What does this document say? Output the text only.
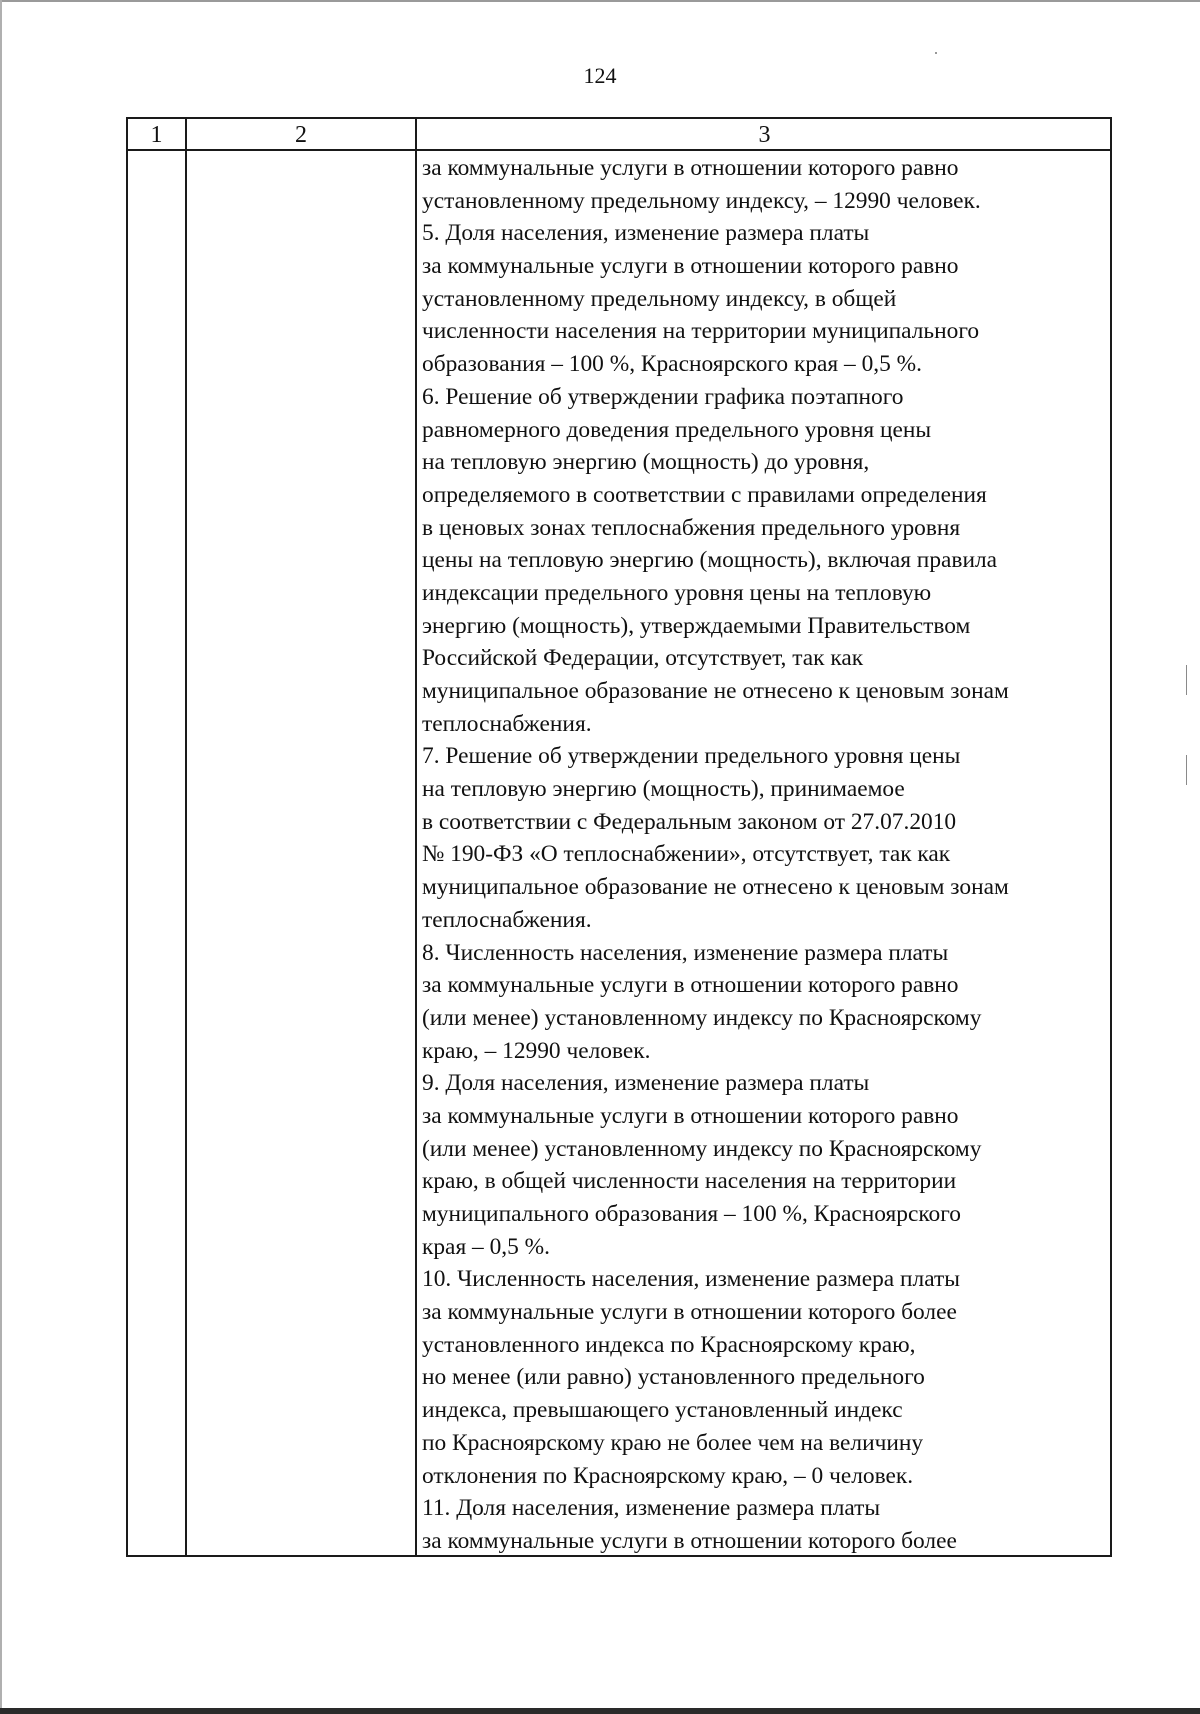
124
1	2	3
за коммунальные услуги в отношении которого равно
установленному предельному индексу, – 12990 человек.
5. Доля населения, изменение размера платы
за коммунальные услуги в отношении которого равно
установленному предельному индексу, в общей
численности населения на территории муниципального
образования – 100 %, Красноярского края – 0,5 %.
6. Решение об утверждении графика поэтапного
равномерного доведения предельного уровня цены
на тепловую энергию (мощность) до уровня,
определяемого в соответствии с правилами определения
в ценовых зонах теплоснабжения предельного уровня
цены на тепловую энергию (мощность), включая правила
индексации предельного уровня цены на тепловую
энергию (мощность), утверждаемыми Правительством
Российской Федерации, отсутствует, так как
муниципальное образование не отнесено к ценовым зонам
теплоснабжения.
7. Решение об утверждении предельного уровня цены
на тепловую энергию (мощность), принимаемое
в соответствии с Федеральным законом от 27.07.2010
№ 190-ФЗ «О теплоснабжении», отсутствует, так как
муниципальное образование не отнесено к ценовым зонам
теплоснабжения.
8. Численность населения, изменение размера платы
за коммунальные услуги в отношении которого равно
(или менее) установленному индексу по Красноярскому
краю, – 12990 человек.
9. Доля населения, изменение размера платы
за коммунальные услуги в отношении которого равно
(или менее) установленному индексу по Красноярскому
краю, в общей численности населения на территории
муниципального образования – 100 %, Красноярского
края – 0,5 %.
10. Численность населения, изменение размера платы
за коммунальные услуги в отношении которого более
установленного индекса по Красноярскому краю,
но менее (или равно) установленного предельного
индекса, превышающего установленный индекс
по Красноярскому краю не более чем на величину
отклонения по Красноярскому краю, – 0 человек.
11. Доля населения, изменение размера платы
за коммунальные услуги в отношении которого более
